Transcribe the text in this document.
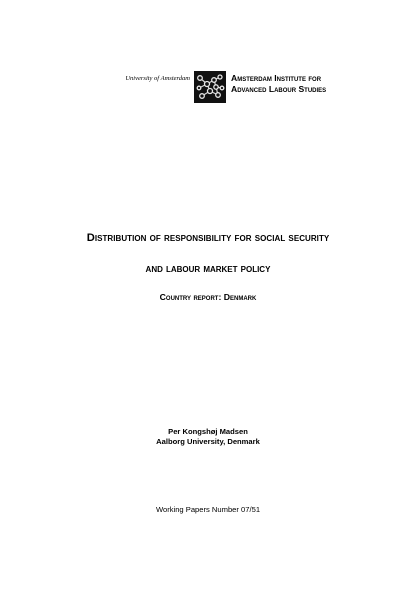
University of Amsterdam	Amsterdam Institute for
Advanced Labour Studies
Distribution of responsibility for social security
and labour market policy
Country report: Denmark
Per Kongshøj Madsen
Aalborg University, Denmark
Working Papers Number 07/51
